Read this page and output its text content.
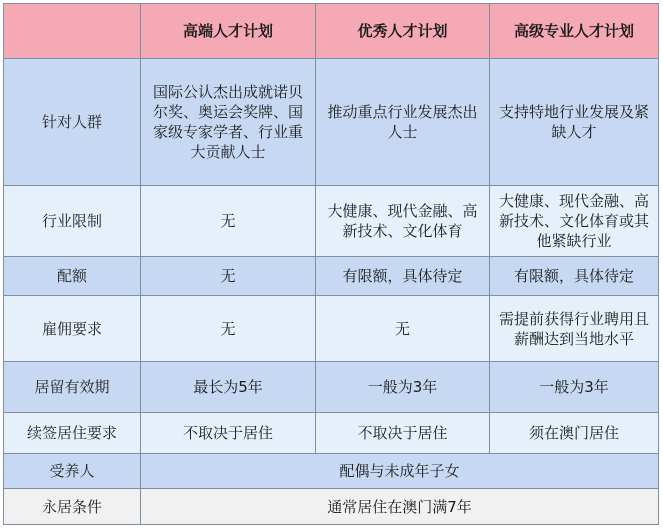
	高端人才计划	优秀人才计划	高级专业人才计划
针对人群	国际公认杰出成就诺贝尔奖、奥运会奖牌、国家级专家学者、行业重大贡献人士	推动重点行业发展杰出人士	支持特地行业发展及紧缺人才
行业限制	无	大健康、现代金融、高新技术、文化体育	大健康、现代金融、高新技术、文化体育或其他紧缺行业
配额	无	有限额，具体待定	有限额，具体待定
雇佣要求	无	无	需提前获得行业聘用且薪酬达到当地水平
居留有效期	最长为5年	一般为3年	一般为3年
续签居住要求	不取决于居住	不取决于居住	须在澳门居住
受养人	配偶与未成年子女		
永居条件	通常居住在澳门满7年		
